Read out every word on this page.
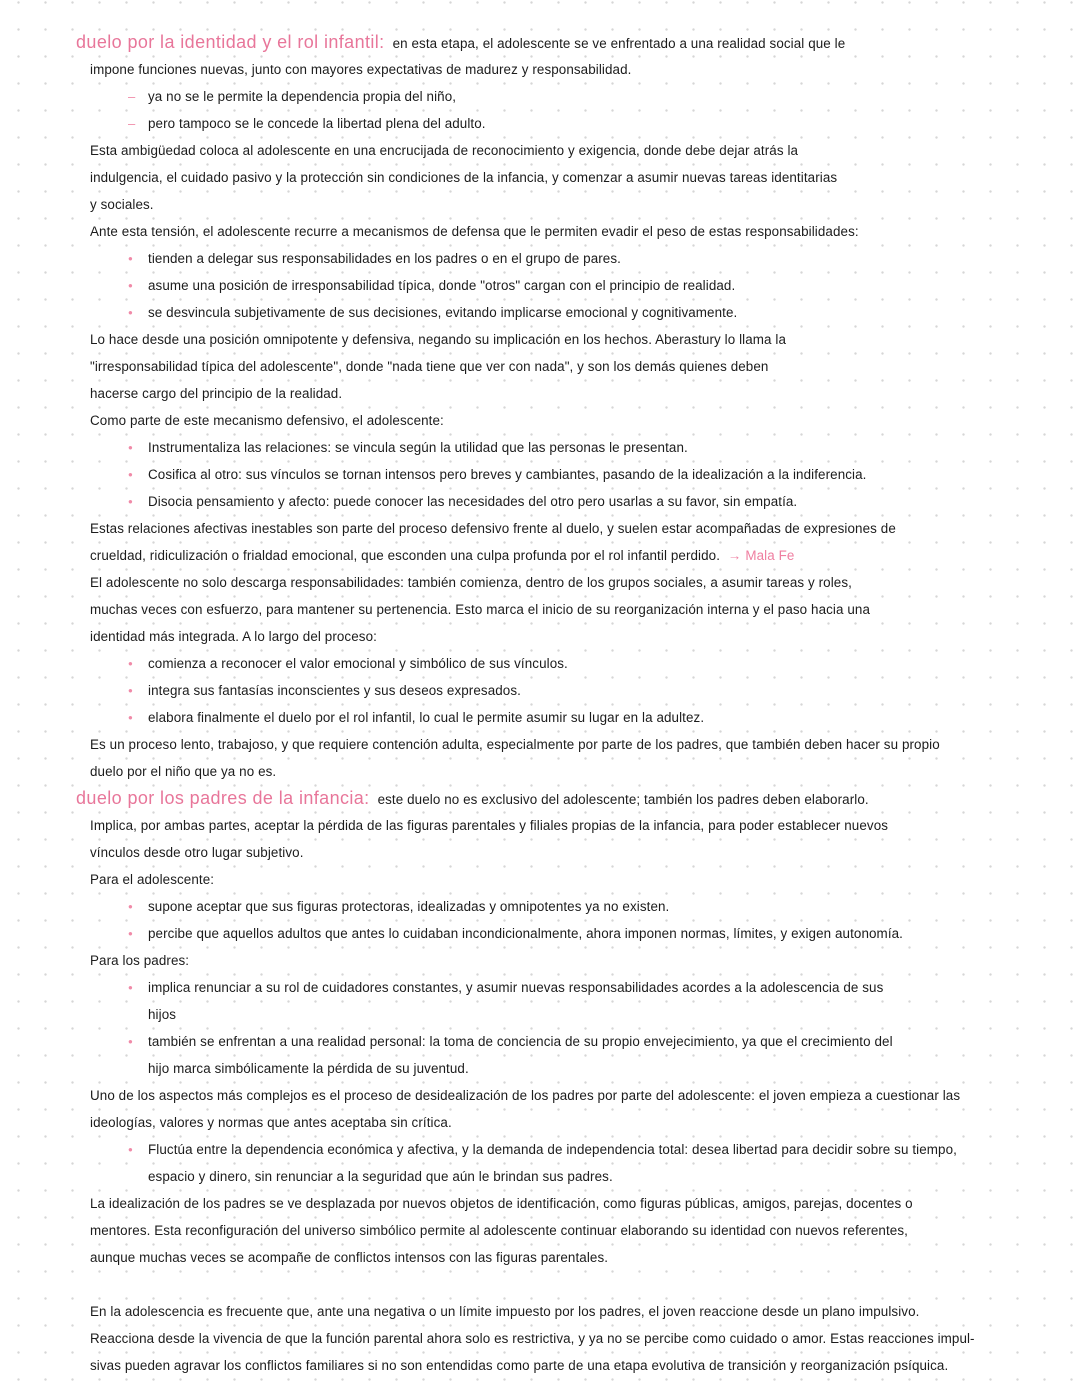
duelo por la identidad y el rol infantil: en esta etapa, el adolescente se ve enfrentado a una realidad social que le
impone funciones nuevas, junto con mayores expectativas de madurez y responsabilidad.
– ya no se le permite la dependencia propia del niño,
– pero tampoco se le concede la libertad plena del adulto.
Esta ambigüedad coloca al adolescente en una encrucijada de reconocimiento y exigencia, donde debe dejar atrás la
indulgencia, el cuidado pasivo y la protección sin condiciones de la infancia, y comenzar a asumir nuevas tareas identitarias
y sociales.
Ante esta tensión, el adolescente recurre a mecanismos de defensa que le permiten evadir el peso de estas responsabilidades:
● tienden a delegar sus responsabilidades en los padres o en el grupo de pares.
● asume una posición de irresponsabilidad típica, donde "otros" cargan con el principio de realidad.
● se desvincula subjetivamente de sus decisiones, evitando implicarse emocional y cognitivamente.
Lo hace desde una posición omnipotente y defensiva, negando su implicación en los hechos. Aberastury lo llama la
"irresponsabilidad típica del adolescente", donde "nada tiene que ver con nada", y son los demás quienes deben
hacerse cargo del principio de la realidad.
Como parte de este mecanismo defensivo, el adolescente:
● Instrumentaliza las relaciones: se vincula según la utilidad que las personas le presentan.
● Cosifica al otro: sus vínculos se tornan intensos pero breves y cambiantes, pasando de la idealización a la indiferencia.
● Disocia pensamiento y afecto: puede conocer las necesidades del otro pero usarlas a su favor, sin empatía.
Estas relaciones afectivas inestables son parte del proceso defensivo frente al duelo, y suelen estar acompañadas de expresiones de
crueldad, ridiculización o frialdad emocional, que esconden una culpa profunda por el rol infantil perdido. → Mala Fe
El adolescente no solo descarga responsabilidades: también comienza, dentro de los grupos sociales, a asumir tareas y roles,
muchas veces con esfuerzo, para mantener su pertenencia. Esto marca el inicio de su reorganización interna y el paso hacia una
identidad más integrada. A lo largo del proceso:
● comienza a reconocer el valor emocional y simbólico de sus vínculos.
● integra sus fantasías inconscientes y sus deseos expresados.
● elabora finalmente el duelo por el rol infantil, lo cual le permite asumir su lugar en la adultez.
Es un proceso lento, trabajoso, y que requiere contención adulta, especialmente por parte de los padres, que también deben hacer su propio
duelo por el niño que ya no es.
duelo por los padres de la infancia: este duelo no es exclusivo del adolescente; también los padres deben elaborarlo.
Implica, por ambas partes, aceptar la pérdida de las figuras parentales y filiales propias de la infancia, para poder establecer nuevos
vínculos desde otro lugar subjetivo.
Para el adolescente:
● supone aceptar que sus figuras protectoras, idealizadas y omnipotentes ya no existen.
● percibe que aquellos adultos que antes lo cuidaban incondicionalmente, ahora imponen normas, límites, y exigen autonomía.
Para los padres:
● implica renunciar a su rol de cuidadores constantes, y asumir nuevas responsabilidades acordes a la adolescencia de sus
hijos
● también se enfrentan a una realidad personal: la toma de conciencia de su propio envejecimiento, ya que el crecimiento del
hijo marca simbólicamente la pérdida de su juventud.
Uno de los aspectos más complejos es el proceso de desidealización de los padres por parte del adolescente: el joven empieza a cuestionar las
ideologías, valores y normas que antes aceptaba sin crítica.
● Fluctúa entre la dependencia económica y afectiva, y la demanda de independencia total: desea libertad para decidir sobre su tiempo,
espacio y dinero, sin renunciar a la seguridad que aún le brindan sus padres.
La idealización de los padres se ve desplazada por nuevos objetos de identificación, como figuras públicas, amigos, parejas, docentes o
mentores. Esta reconfiguración del universo simbólico permite al adolescente continuar elaborando su identidad con nuevos referentes,
aunque muchas veces se acompañe de conflictos intensos con las figuras parentales.
En la adolescencia es frecuente que, ante una negativa o un límite impuesto por los padres, el joven reaccione desde un plano impulsivo.
Reacciona desde la vivencia de que la función parental ahora solo es restrictiva, y ya no se percibe como cuidado o amor. Estas reacciones impul-
sivas pueden agravar los conflictos familiares si no son entendidas como parte de una etapa evolutiva de transición y reorganización psíquica.
